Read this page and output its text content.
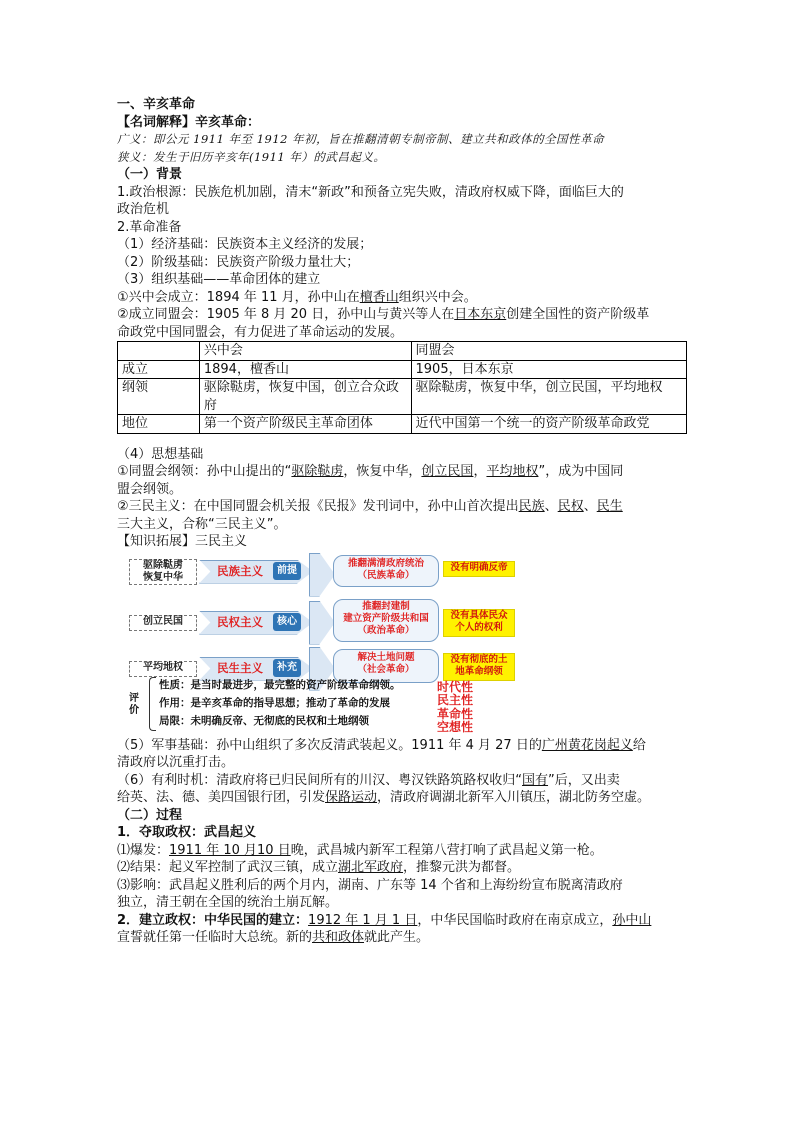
一、辛亥革命
【名词解释】辛亥革命：
广义：即公元 1911 年至 1912 年初，旨在推翻清朝专制帝制、建立共和政体的全国性革命
狭义：发生于旧历辛亥年(1911 年）的武昌起义。
（一）背景
1.政治根源：民族危机加剧，清末“新政”和预备立宪失败，清政府权威下降，面临巨大的
政治危机
2.革命准备
（1）经济基础：民族资本主义经济的发展；
（2）阶级基础：民族资产阶级力量壮大；
（3）组织基础——革命团体的建立
①兴中会成立：1894 年 11 月，孙中山在檀香山组织兴中会。
②成立同盟会：1905 年 8 月 20 日，孙中山与黄兴等人在日本东京创建全国性的资产阶级革
命政党中国同盟会，有力促进了革命运动的发展。
	兴中会	同盟会
成立	1894，檀香山	1905，日本东京
纲领	驱除鞑虏，恢复中国，创立合众政府	驱除鞑虏，恢复中华，创立民国，平均地权
地位	第一个资产阶级民主革命团体	近代中国第一个统一的资产阶级革命政党
（4）思想基础
①同盟会纲领：孙中山提出的“驱除鞑虏，恢复中华，创立民国，平均地权”，成为中国同
盟会纲领。
②三民主义：在中国同盟会机关报《民报》发刊词中，孙中山首次提出民族、民权、民生
三大主义，合称“三民主义”。
【知识拓展】三民主义
驱除鞑虏
恢复中华	民族主义	前提
推翻满清政府统治
（民族革命）
没有明确反帝
创立民国	民权主义	核心
推翻封建制
建立资产阶级共和国
（政治革命）
没有具体民众
个人的权利
平均地权	民生主义	补充
解决土地问题
（社会革命）
没有彻底的土
地革命纲领
评价
性质：是当时最进步，最完整的资产阶级革命纲领。
作用：是辛亥革命的指导思想；推动了革命的发展
局限：未明确反帝、无彻底的民权和土地纲领
时代性
民主性
革命性
空想性
（5）军事基础：孙中山组织了多次反清武装起义。1911 年 4 月 27 日的广州黄花岗起义给
清政府以沉重打击。
（6）有利时机：清政府将已归民间所有的川汉、粤汉铁路筑路权收归“国有”后，又出卖
给英、法、德、美四国银行团，引发保路运动，清政府调湖北新军入川镇压，湖北防务空虚。
（二）过程
1．夺取政权：武昌起义
⑴爆发：1911 年 10 月10 日晚，武昌城内新军工程第八营打响了武昌起义第一枪。
⑵结果：起义军控制了武汉三镇，成立湖北军政府，推黎元洪为都督。
⑶影响：武昌起义胜利后的两个月内，湖南、广东等 14 个省和上海纷纷宣布脱离清政府
独立，清王朝在全国的统治土崩瓦解。
2．建立政权：中华民国的建立：1912 年 1 月 1 日，中华民国临时政府在南京成立，孙中山
宣誓就任第一任临时大总统。新的共和政体就此产生。
